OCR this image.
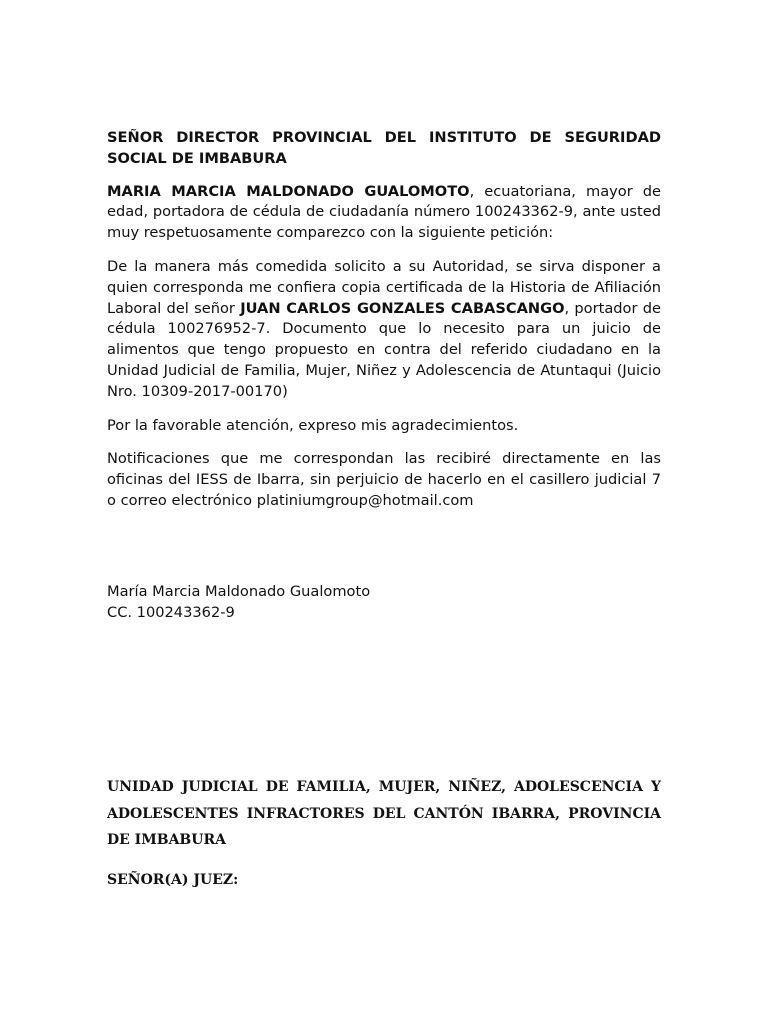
SEÑOR DIRECTOR PROVINCIAL DEL INSTITUTO DE SEGURIDAD SOCIAL DE IMBABURA

MARIA MARCIA MALDONADO GUALOMOTO, ecuatoriana, mayor de edad, portadora de cédula de ciudadanía número 100243362-9, ante usted muy respetuosamente comparezco con la siguiente petición:

De la manera más comedida solicito a su Autoridad, se sirva disponer a quien corresponda me confiera copia certificada de la Historia de Afiliación Laboral del señor JUAN CARLOS GONZALES CABASCANGO, portador de cédula 100276952-7. Documento que lo necesito para un juicio de alimentos que tengo propuesto en contra del referido ciudadano en la Unidad Judicial de Familia, Mujer, Niñez y Adolescencia de Atuntaqui (Juicio Nro. 10309-2017-00170)

Por la favorable atención, expreso mis agradecimientos.

Notificaciones que me correspondan las recibiré directamente en las oficinas del IESS de Ibarra, sin perjuicio de hacerlo en el casillero judicial 7 o correo electrónico platiniumgroup@hotmail.com

María Marcia Maldonado Gualomoto
CC. 100243362-9

UNIDAD JUDICIAL DE FAMILIA, MUJER, NIÑEZ, ADOLESCENCIA Y ADOLESCENTES INFRACTORES DEL CANTÓN IBARRA, PROVINCIA DE IMBABURA

SEÑOR(A) JUEZ:
